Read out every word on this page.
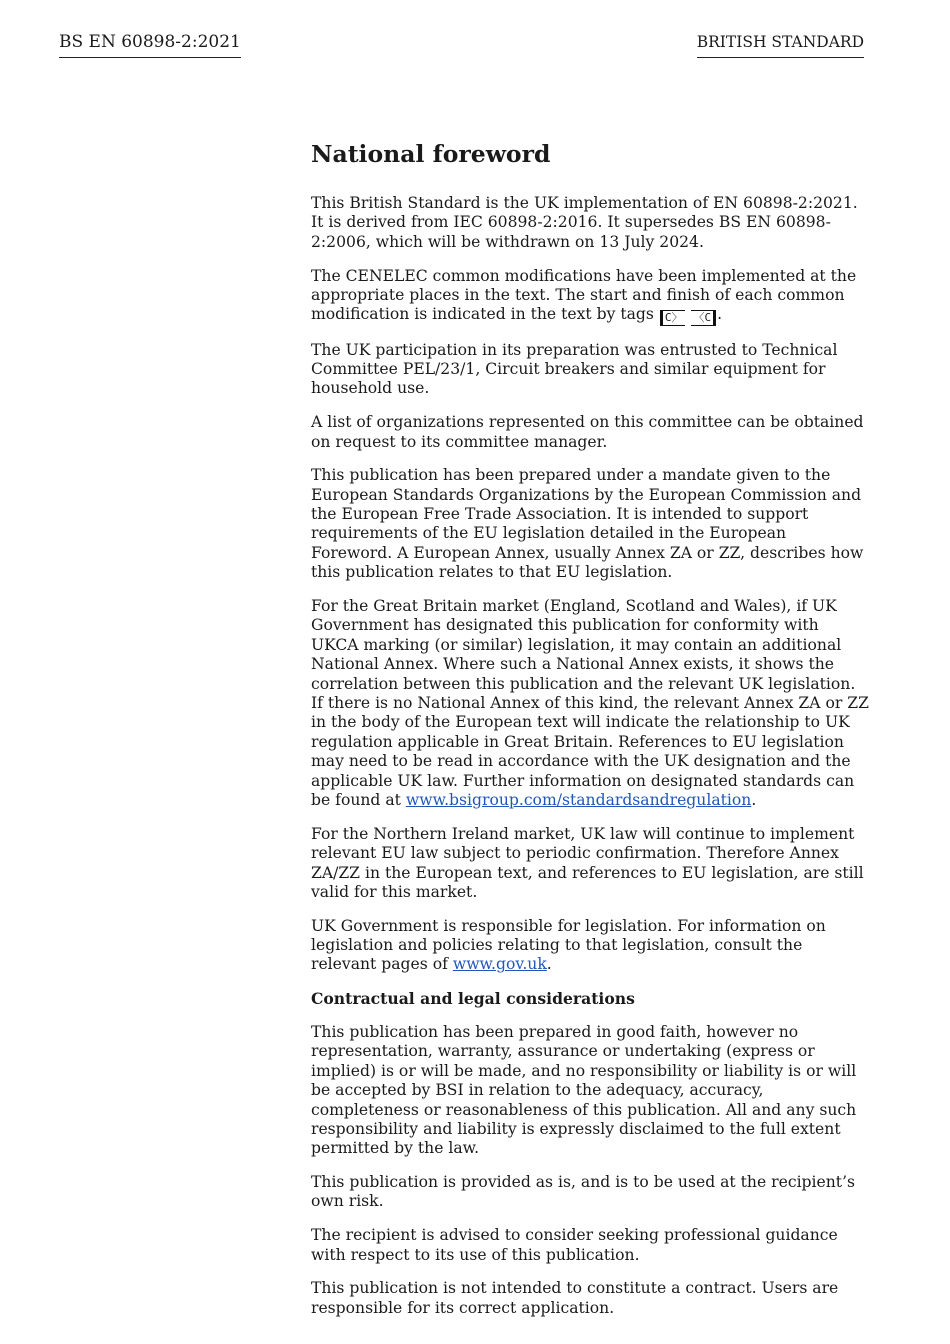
BS EN 60898-2:2021	BRITISH STANDARD
National foreword

This British Standard is the UK implementation of EN 60898-2:2021. It is derived from IEC 60898-2:2016. It supersedes BS EN 60898-2:2006, which will be withdrawn on 13 July 2024.

The CENELEC common modifications have been implemented at the appropriate places in the text. The start and finish of each common modification is indicated in the text by tags C〉 〈C .

The UK participation in its preparation was entrusted to Technical Committee PEL/23/1, Circuit breakers and similar equipment for household use.

A list of organizations represented on this committee can be obtained on request to its committee manager.

This publication has been prepared under a mandate given to the European Standards Organizations by the European Commission and the European Free Trade Association. It is intended to support requirements of the EU legislation detailed in the European Foreword. A European Annex, usually Annex ZA or ZZ, describes how this publication relates to that EU legislation.

For the Great Britain market (England, Scotland and Wales), if UK Government has designated this publication for conformity with UKCA marking (or similar) legislation, it may contain an additional National Annex. Where such a National Annex exists, it shows the correlation between this publication and the relevant UK legislation. If there is no National Annex of this kind, the relevant Annex ZA or ZZ in the body of the European text will indicate the relationship to UK regulation applicable in Great Britain. References to EU legislation may need to be read in accordance with the UK designation and the applicable UK law. Further information on designated standards can be found at www.bsigroup.com/standardsandregulation.

For the Northern Ireland market, UK law will continue to implement relevant EU law subject to periodic confirmation. Therefore Annex ZA/ZZ in the European text, and references to EU legislation, are still valid for this market.

UK Government is responsible for legislation. For information on legislation and policies relating to that legislation, consult the relevant pages of www.gov.uk.

Contractual and legal considerations

This publication has been prepared in good faith, however no representation, warranty, assurance or undertaking (express or implied) is or will be made, and no responsibility or liability is or will be accepted by BSI in relation to the adequacy, accuracy, completeness or reasonableness of this publication. All and any such responsibility and liability is expressly disclaimed to the full extent permitted by the law.

This publication is provided as is, and is to be used at the recipient’s own risk.

The recipient is advised to consider seeking professional guidance with respect to its use of this publication.

This publication is not intended to constitute a contract. Users are responsible for its correct application.
